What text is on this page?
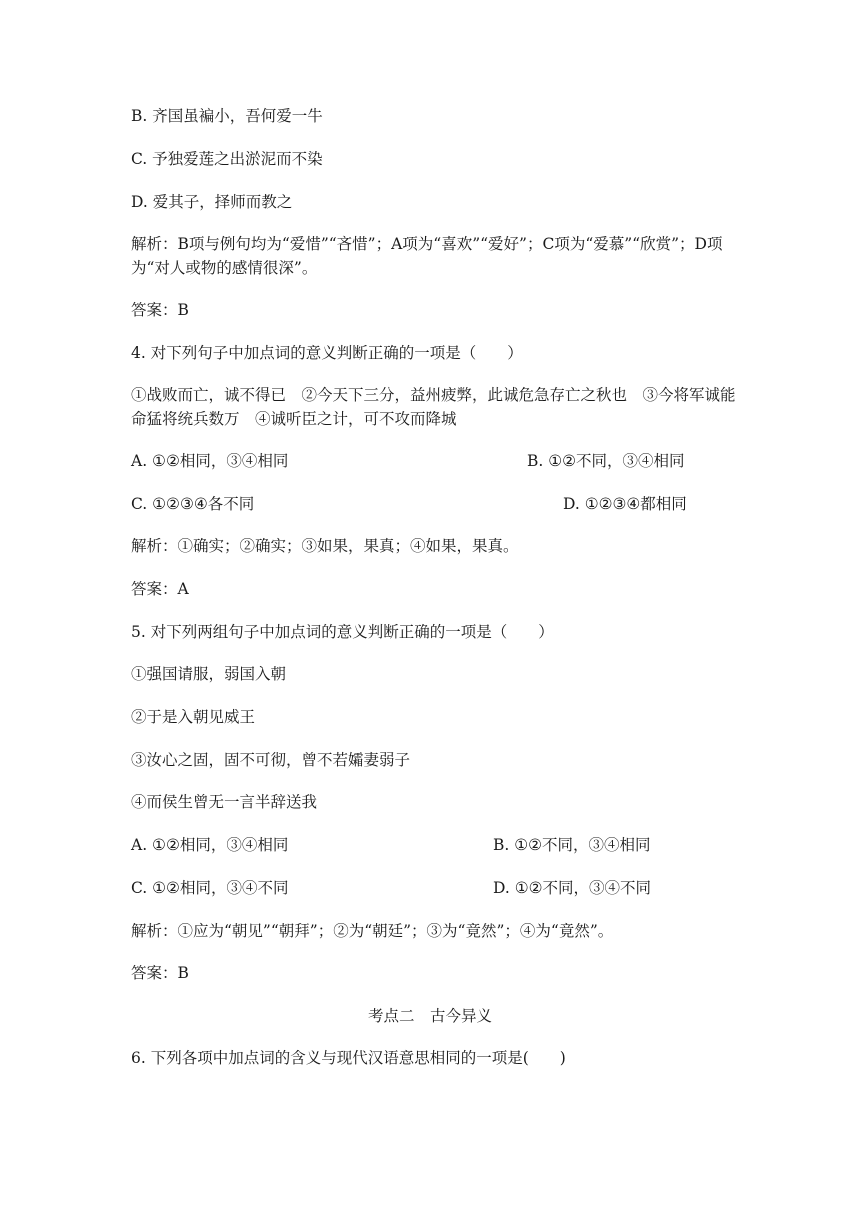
B. 齐国虽褊小，吾何爱一牛
C. 予独爱莲之出淤泥而不染
D. 爱其子，择师而教之
解析：B项与例句均为“爱惜”“吝惜”；A项为“喜欢”“爱好”；C项为“爱慕”“欣赏”；D项为“对人或物的感情很深”。
答案：B
4. 对下列句子中加点词的意义判断正确的一项是（　　）
①战败而亡，诚不得已　②今天下三分，益州疲弊，此诚危急存亡之秋也　③今将军诚能命猛将统兵数万　④诚听臣之计，可不攻而降城
A. ①②相同，③④相同	B. ①②不同，③④相同
C. ①②③④各不同	D. ①②③④都相同
解析：①确实；②确实；③如果，果真；④如果，果真。
答案：A
5. 对下列两组句子中加点词的意义判断正确的一项是（　　）
①强国请服，弱国入朝
②于是入朝见威王
③汝心之固，固不可彻，曾不若孀妻弱子
④而侯生曾无一言半辞送我
A. ①②相同，③④相同	B. ①②不同，③④相同
C. ①②相同，③④不同	D. ①②不同，③④不同
解析：①应为“朝见”“朝拜”；②为“朝廷”；③为“竟然”；④为“竟然”。
答案：B
考点二　古今异义
6. 下列各项中加点词的含义与现代汉语意思相同的一项是(　　)
